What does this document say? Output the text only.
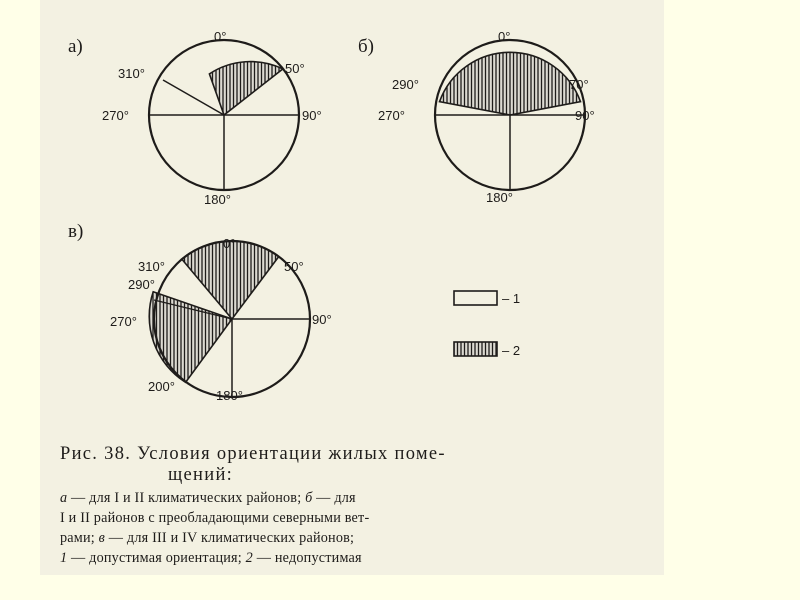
а)	0°
50°
90°
180°
270°
310°
б)	0°
70°
90°
180°
270°
290°
в)
0°
50°
90°
180°
200°
270°
290°
310°
– 1
– 2

Рис. 38. Условия ориентации жилых поме-
щений:

а — для I и II климатических районов; б — для
I и II районов с преобладающими северными вет-
рами; в — для III и IV климатических районов;
1 — допустимая ориентация; 2 — недопустимая
